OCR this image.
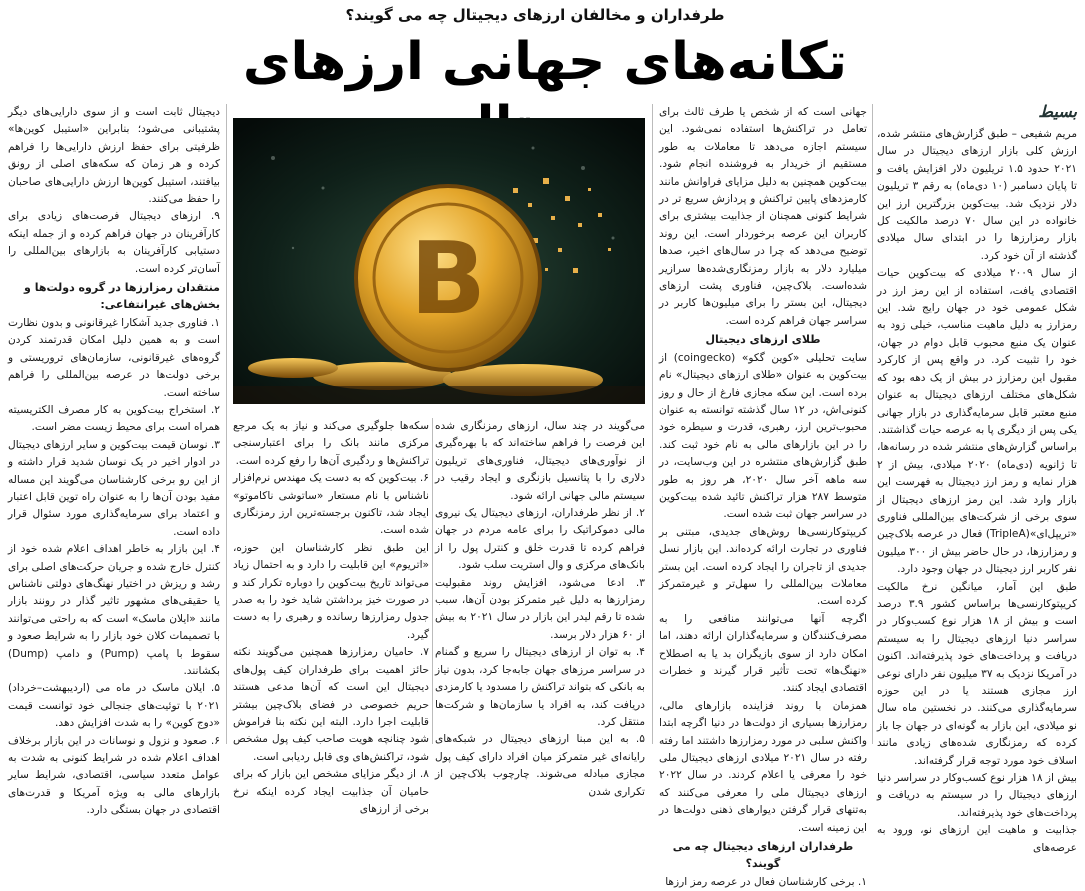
طرفداران و مخالفان ارزهای دیجیتال چه می گویند؟
تکانه‌های جهانی ارزهای
بسیط

مریم شفیعی – طبق گزارش‌های منتشر شده، ارزش کلی بازار ارزهای دیجیتال در سال ۲۰۲۱ حدود ۱.۵ تریلیون دلار افزایش یافت و تا پایان دسامبر (۱۰ دی‌ماه) به رقم ۳ تریلیون دلار نزدیک شد. بیت‌کوین بزرگترین ارز این خانواده در این سال ۷۰ درصد مالکیت کل بازار رمزارزها را در ابتدای سال میلادی گذشته از آن خود کرد.

از سال ۲۰۰۹ میلادی که بیت‌کوین حیات اقتصادی یافت، استفاده از این رمز ارز در شکل عمومی خود در جهان رایج شد. این رمزارز به دلیل ماهیت مناسب، خیلی زود به عنوان یک منبع محبوب قابل دوام در جهان، خود را تثبیت کرد. در واقع پس از کارکرد مقبول این رمزارز در بیش از یک دهه بود که شکل‌های مختلف ارزهای دیجیتال به عنوان منبع معتبر قابل سرمایه‌گذاری در بازار جهانی یکی پس از دیگری پا به عرصه حیات گذاشتند.

براساس گزارش‌های منتشر شده در رسانه‌ها، تا ژانویه (دی‌ماه) ۲۰۲۰ میلادی، بیش از ۲ هزار نمایه و رمز ارز دیجیتال به فهرست این بازار وارد شد. این رمز ارزهای دیجیتال از سوی برخی از شرکت‌های بین‌المللی فناوری «تریپل‌ای»(TripleA) فعال در عرصه بلاک‌چین و رمزارزها، در حال حاضر بیش از ۳۰۰ میلیون نفر کاربر ارز دیجیتال در جهان وجود دارد.

طبق این آمار، میانگین نرخ مالکیت کریپتوکارنسی‌ها براساس کشور ۳.۹ درصد است و بیش از ۱۸ هزار نوع کسب‌وکار در سراسر دنیا ارزهای دیجیتال را به سیستم دریافت و پرداخت‌های خود پذیرفته‌اند. اکنون در آمریکا نزدیک به ۳۷ میلیون نفر دارای نوعی ارز مجازی هستند یا در این حوزه سرمایه‌گذاری می‌کنند. در نخستین ماه سال نو میلادی، این بازار به گونه‌ای در جهان جا باز کرده که رمزنگاری شده‌های زیادی مانند اسلاف خود مورد توجه قرار گرفته‌اند.

بیش از ۱۸ هزار نوع کسب‌وکار در سراسر دنیا ارزهای دیجیتال را در سیستم به دریافت و پرداخت‌های خود پذیرفته‌اند.

جذابیت و ماهیت این ارزهای نو، ورود به عرصه‌های

جهانی است که از شخص یا طرف ثالث برای تعامل در تراکنش‌ها استفاده نمی‌شود. این سیستم اجازه می‌دهد تا معاملات به طور مستقیم از خریدار به فروشنده انجام شود. بیت‌کوین همچنین به دلیل مزایای فراوانش مانند کارمزدهای پایین تراکنش و پردازش سریع تر در شرایط کنونی همچنان از جذابیت بیشتری برای کاربران این عرصه برخوردار است. این روند توضیح می‌دهد که چرا در سال‌های اخیر، صدها میلیارد دلار به بازار رمزنگاری‌شده‌ها سرازیر شده‌است. بلاک‌چین، فناوری پشت ارزهای دیجیتال، این بستر را برای میلیون‌ها کاربر در سراسر جهان فراهم کرده است.

طلای ارزهای دیجیتال

سایت تحلیلی «کوین گکو» (coingecko) از بیت‌کوین به عنوان «طلای ارزهای دیجیتال» نام برده است. این سکه مجازی فارغ از حال و روز کنونی‌اش، در ۱۲ سال گذشته توانسته به عنوان محبوب‌ترین ارز، رهبری، قدرت و سیطره خود را در این بازارهای مالی به نام خود ثبت کند. طبق گزارش‌های منتشره در این وب‌سایت، در سه ماهه آخر سال ۲۰۲۰، هر روز به طور متوسط ۲۸۷ هزار تراکنش تائید شده بیت‌کوین در سراسر جهان ثبت شده است.

کریپتوکارنسی‌ها روش‌های جدیدی، مبتنی بر فناوری در تجارت ارائه کرده‌اند. این بازار نسل جدیدی از تاجران را ایجاد کرده است. این بستر معاملات بین‌المللی را سهل‌تر و غیرمتمرکز کرده است.

اگرچه آنها می‌توانند منافعی را به مصرف‌کنندگان و سرمایه‌گذاران ارائه دهند، اما امکان دارد از سوی بازیگران بد یا به اصطلاح «نهنگ‌ها» تحت تأثیر قرار گیرند و خطرات اقتصادی ایجاد کنند.

همزمان با روند فزاینده بازارهای مالی، رمزارزها بسیاری از دولت‌ها در دنیا اگرچه ابتدا واکنش سلبی در مورد رمزارزها داشتند اما رفته رفته در سال ۲۰۲۱ میلادی ارزهای دیجیتال ملی خود را معرفی یا اعلام کردند. در سال ۲۰۲۲ ارزهای دیجیتال ملی را معرفی می‌کنند که به‌تنهای قرار گرفتن دیوارهای ذهنی دولت‌ها در این زمینه است.

طرفداران ارزهای دیجیتال چه می گویند؟

۱. برخی کارشناسان فعال در عرصه رمز ارزها

B

می‌گویند در چند سال، ارزهای رمزنگاری شده این فرصت را فراهم ساخته‌اند که با بهره‌گیری از نوآوری‌های دیجیتال، فناوری‌های تریلیون دلاری را با پتانسیل بازنگری و ایجاد رقیب در سیستم مالی جهانی ارائه شود.

۲. از نظر طرفداران، ارزهای دیجیتال یک نیروی مالی دموکراتیک را برای عامه مردم در جهان فراهم کرده تا قدرت خلق و کنترل پول را از بانک‌های مرکزی و وال استریت سلب شود.

۳. ادعا می‌شود، افزایش روند مقبولیت رمزارزها به دلیل غیر متمرکز بودن آن‌ها، سبب شده تا رقم لیدر این بازار در سال ۲۰۲۱ به بیش از ۶۰ هزار دلار برسد.

۴. به توان از ارزهای دیجیتال را سریع و گمنام در سراسر مرزهای جهان جابه‌جا کرد، بدون نیاز به بانکی که بتواند تراکنش را مسدود یا کارمزدی دریافت کند، به افراد یا سازمان‌ها و شرکت‌ها منتقل کرد.

۵. به این مبنا ارزهای دیجیتال در شبکه‌های رایانه‌ای غیر متمرکز میان افراد دارای کیف پول مجازی مبادله می‌شوند. چارچوب بلاک‌چین از تکراری شدن

سکه‌ها جلوگیری می‌کند و نیاز به یک مرجع مرکزی مانند بانک را برای اعتبارسنجی تراکنش‌ها و ردگیری آن‌ها را رفع کرده است.

۶. بیت‌کوین که به دست یک مهندس نرم‌افزار ناشناس با نام مستعار «ساتوشی ناکاموتو» ایجاد شد، تاکنون برجسته‌ترین ارز رمزنگاری شده است.

این طبق نظر کارشناسان این حوزه، «اتریوم» این قابلیت را دارد و به احتمال زیاد می‌تواند تاریخ بیت‌کوین را دوباره تکرار کند و در صورت خیز برداشتن شاید خود را به صدر جدول رمزارزها رسانده و رهبری را به دست گیرد.

۷. حامیان رمزارزها همچنین می‌گویند نکته حائز اهمیت برای طرفداران کیف پول‌های دیجیتال این است که آن‌ها مدعی هستند حریم خصوصی در فضای بلاک‌چین بیشتر قابلیت اجرا دارد. البته این نکته بنا فراموش شود چنانچه هویت صاحب کیف پول مشخص شود، تراکنش‌های وی قابل ردیابی است.

۸. از دیگر مزایای مشخص این بازار که برای حامیان آن جذابیت ایجاد کرده اینکه نرخ برخی از ارزهای

دیجیتال ثابت است و از سوی دارایی‌های دیگر پشتیبانی می‌شود؛ بنابراین «استیبل کوین‌ها» ظرفیتی برای حفظ ارزش دارایی‌ها را فراهم کرده و هر زمان که سکه‌های اصلی از رونق بیافتند، استیبل کوین‌ها ارزش دارایی‌های صاحبان را حفظ می‌کنند.

۹. ارزهای دیجیتال فرصت‌های زیادی برای کارآفرینان در جهان فراهم کرده و از جمله اینکه دستیابی کارآفرینان به بازارهای بین‌المللی را آسان‌تر کرده است.

منتقدان رمزارزها در گروه دولت‌ها و بخش‌های غیرانتفاعی:

۱. فناوری جدید آشکارا غیرقانونی و بدون نظارت است و به همین دلیل امکان قدرتمند کردن گروه‌های غیرقانونی، سازمان‌های تروریستی و برخی دولت‌ها در عرصه بین‌المللی را فراهم ساخته است.

۲. استخراج بیت‌کوین به کار مصرف الکتریسیته همراه است برای محیط زیست مضر است.

۳. نوسان قیمت بیت‌کوین و سایر ارزهای دیجیتال در ادوار اخیر در یک نوسان شدید قرار داشته و از این رو برخی کارشناسان می‌گویند این مساله مفید بودن آن‌ها را به عنوان راه توین قابل اعتبار و اعتماد برای سرمایه‌گذاری مورد سئوال قرار داده است.

۴. این بازار به خاطر اهداف اعلام شده خود از کنترل خارج شده و جریان حرکت‌های اصلی برای رشد و ریزش در اختیار نهنگ‌های دولتی ناشناس یا حقیقی‌های مشهور تاثیر گذار در رونند بازار مانند «ایلان ماسک» است که به راحتی می‌توانند با تصمیمات کلان خود بازار را به شرایط صعود و سقوط با پامپ (Pump) و دامپ (Dump) بکشانند.

۵. ایلان ماسک در ماه می (اردیبهشت–خرداد) ۲۰۲۱ با توئیت‌های جنجالی خود توانست قیمت «دوج کوین» را به شدت افزایش دهد.

۶. صعود و نزول و نوسانات در این بازار برخلاف اهداف اعلام شده در شرایط کنونی به شدت به عوامل متعدد سیاسی، اقتصادی، شرایط سایر بازارهای مالی به ویژه آمریکا و قدرت‌های اقتصادی در جهان بستگی دارد.
